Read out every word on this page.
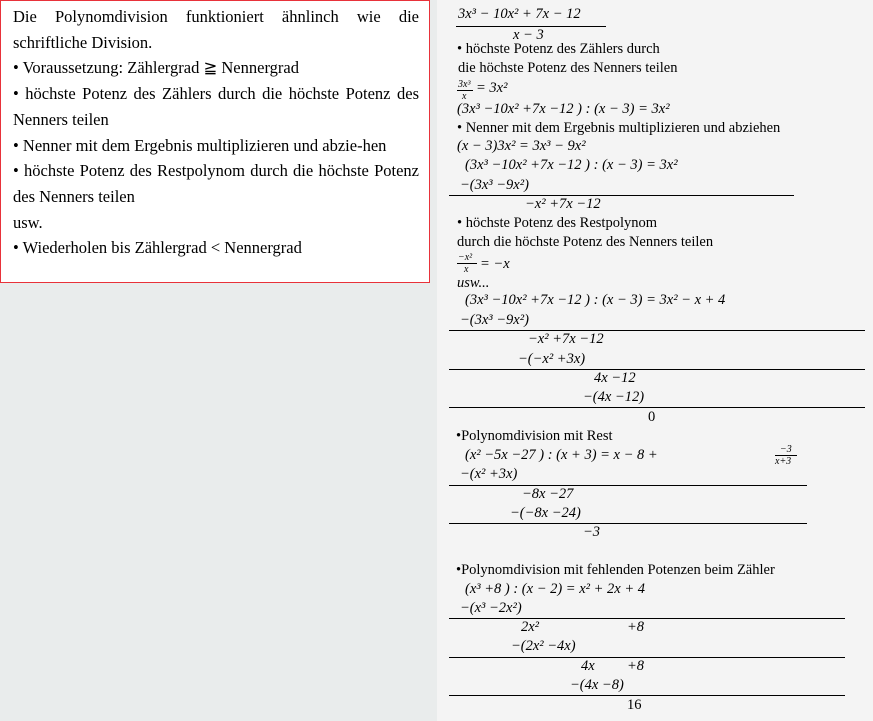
Die Polynomdivision funktioniert ähnlinch wie die schriftliche Division.

• Voraussetzung: Zählergrad ≧ Nennergrad

• höchste Potenz des Zählers durch die höchste Potenz des Nenners teilen

• Nenner mit dem Ergebnis multiplizieren und abzie-hen

• höchste Potenz des Restpolynom durch die höchste Potenz des Nenners teilen

usw.

• Wiederholen bis Zählergrad < Nennergrad

3x³ − 10x² + 7x − 12
x − 3
• höchste Potenz des Zählers durch
die höchste Potenz des Nenners teilen
3x³
x
= 3x²
(3x³ −10x² +7x −12 ) : (x − 3) = 3x²
• Nenner mit dem Ergebnis multiplizieren und abziehen
(x − 3)3x² = 3x³ − 9x²
(3x³ −10x² +7x −12 ) : (x − 3) = 3x²
−(3x³ −9x²)
−x² +7x −12
• höchste Potenz des Restpolynom
durch die höchste Potenz des Nenners teilen
−x²
x = −x
usw...
(3x³ −10x² +7x −12 ) : (x − 3) = 3x² − x + 4
−(3x³ −9x²)
−x² +7x −12
−(−x² +3x)
4x −12
−(4x −12)
0
•Polynomdivision mit Rest
(x² −5x −27 ) : (x + 3) = x − 8 +	−3
x+3
−(x² +3x)
−8x −27
−(−8x −24)
−3
•Polynomdivision mit fehlenden Potenzen beim Zähler
(x³ +8 ) : (x − 2) = x² + 2x + 4
−(x³ −2x²)
2x²	+8
−(2x² −4x)
4x +8
−(4x −8)
16
